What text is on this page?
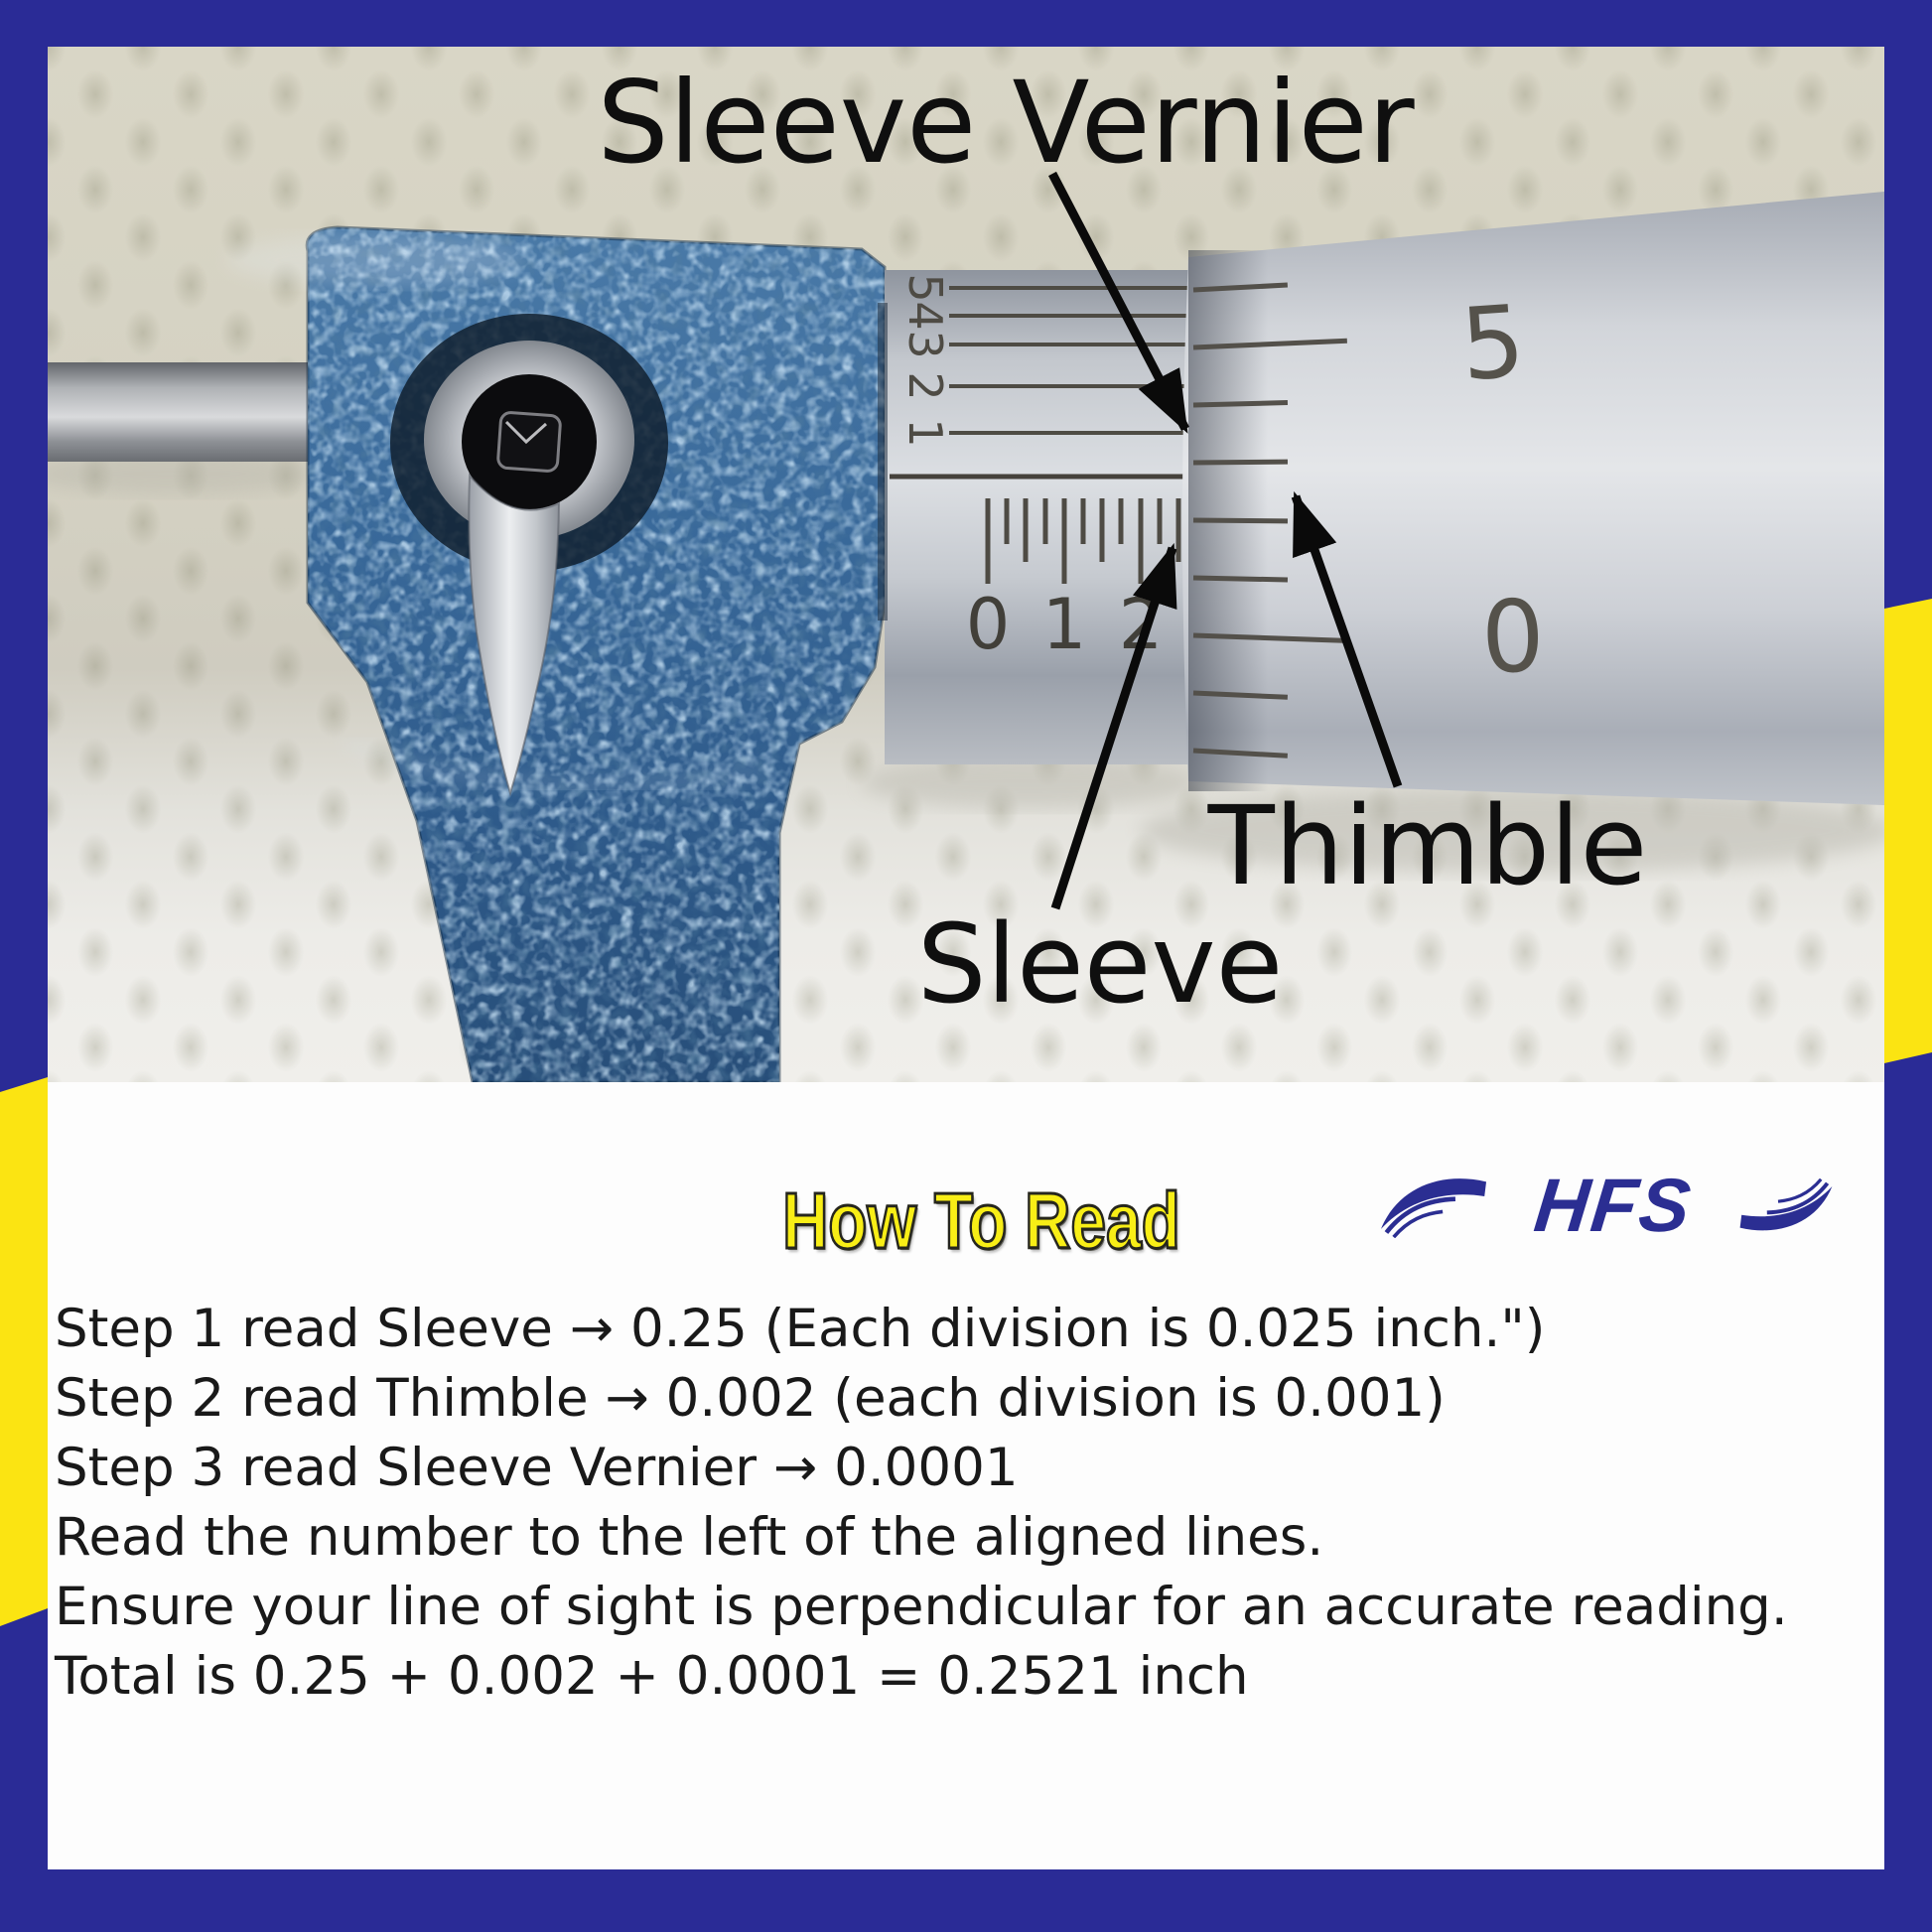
5
4
3
2
1
0 1 2
5
0
Sleeve Vernier
Thimble
Sleeve
How To Read	HFS
Step 1 read Sleeve → 0.25 (Each division is 0.025 inch.")
Step 2 read Thimble → 0.002 (each division is 0.001)
Step 3 read Sleeve Vernier → 0.0001
Read the number to the left of the aligned lines.
Ensure your line of sight is perpendicular for an accurate reading.
Total is 0.25 + 0.002 + 0.0001 = 0.2521 inch
